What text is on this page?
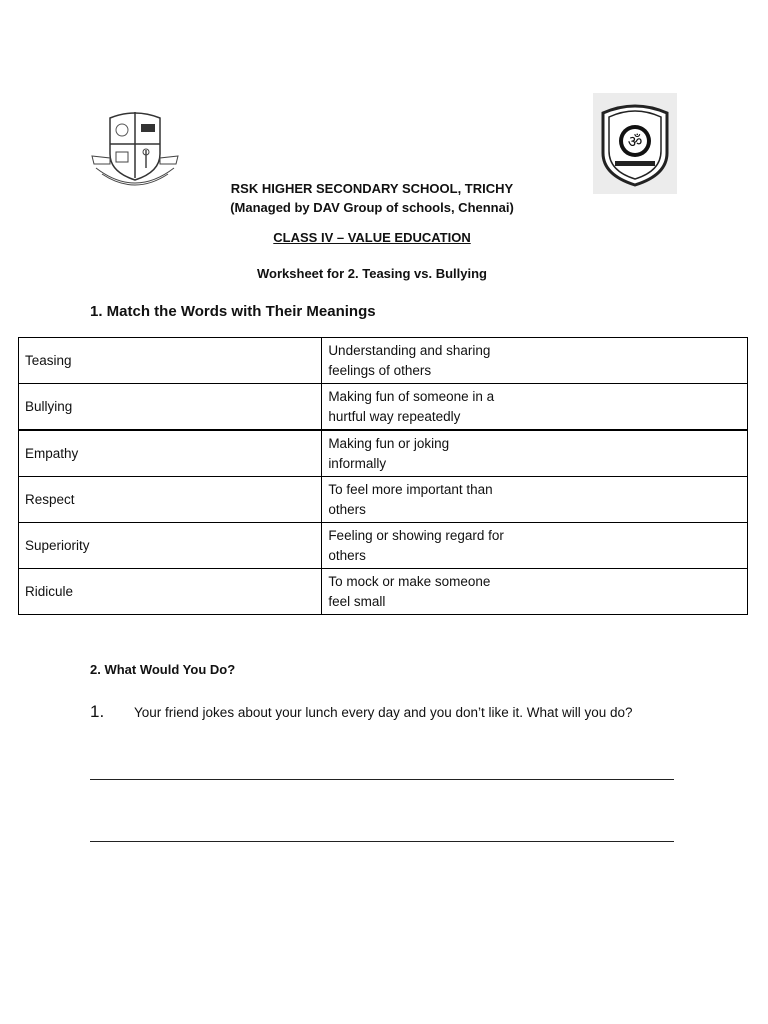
ॐ
RSK HIGHER SECONDARY SCHOOL, TRICHY
(Managed by DAV Group of schools, Chennai)
CLASS IV – VALUE EDUCATION
Worksheet for 2. Teasing vs. Bullying
1. Match the Words with Their Meanings
Teasing	Understanding and sharing
feelings of others
Bullying	Making fun of someone in a
hurtful way repeatedly
Empathy	Making fun or joking
informally
Respect	To feel more important than
others
Superiority	Feeling or showing regard for
others
Ridicule	To mock or make someone
feel small
2. What Would You Do?
1. Your friend jokes about your lunch every day and you don’t like it. What will you do?
